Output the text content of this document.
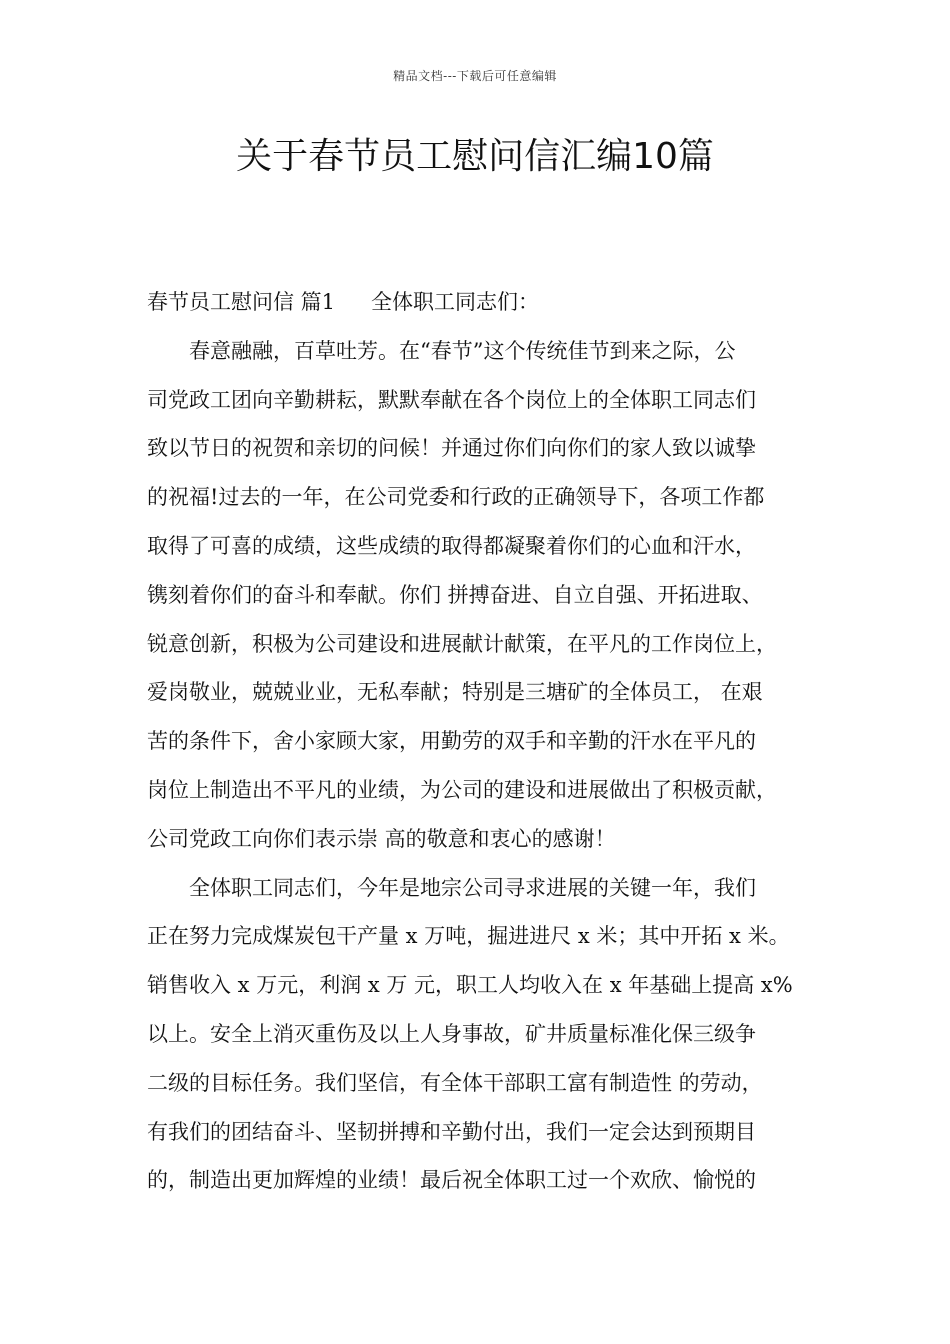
精品文档---下载后可任意编辑
关于春节员工慰问信汇编10篇
春节员工慰问信 篇1 全体职工同志们：
春意融融，百草吐芳。在“春节”这个传统佳节到来之际，公
司党政工团向辛勤耕耘，默默奉献在各个岗位上的全体职工同志们
致以节日的祝贺和亲切的问候！并通过你们向你们的家人致以诚挚
的祝福!过去的一年，在公司党委和行政的正确领导下，各项工作都
取得了可喜的成绩，这些成绩的取得都凝聚着你们的心血和汗水，
镌刻着你们的奋斗和奉献。你们 拼搏奋进、自立自强、开拓进取、
锐意创新，积极为公司建设和进展献计献策，在平凡的工作岗位上，
爱岗敬业，兢兢业业，无私奉献；特别是三塘矿的全体员工， 在艰
苦的条件下，舍小家顾大家，用勤劳的双手和辛勤的汗水在平凡的
岗位上制造出不平凡的业绩，为公司的建设和进展做出了积极贡献，
公司党政工向你们表示崇 高的敬意和衷心的感谢！
全体职工同志们，今年是地宗公司寻求进展的关键一年，我们
正在努力完成煤炭包干产量 x 万吨，掘进进尺 x 米；其中开拓 x 米。
销售收入 x 万元，利润 x 万 元，职工人均收入在 x 年基础上提高 x%
以上。安全上消灭重伤及以上人身事故，矿井质量标准化保三级争
二级的目标任务。我们坚信，有全体干部职工富有制造性 的劳动，
有我们的团结奋斗、坚韧拼搏和辛勤付出，我们一定会达到预期目
的，制造出更加辉煌的业绩！最后祝全体职工过一个欢欣、愉悦的
